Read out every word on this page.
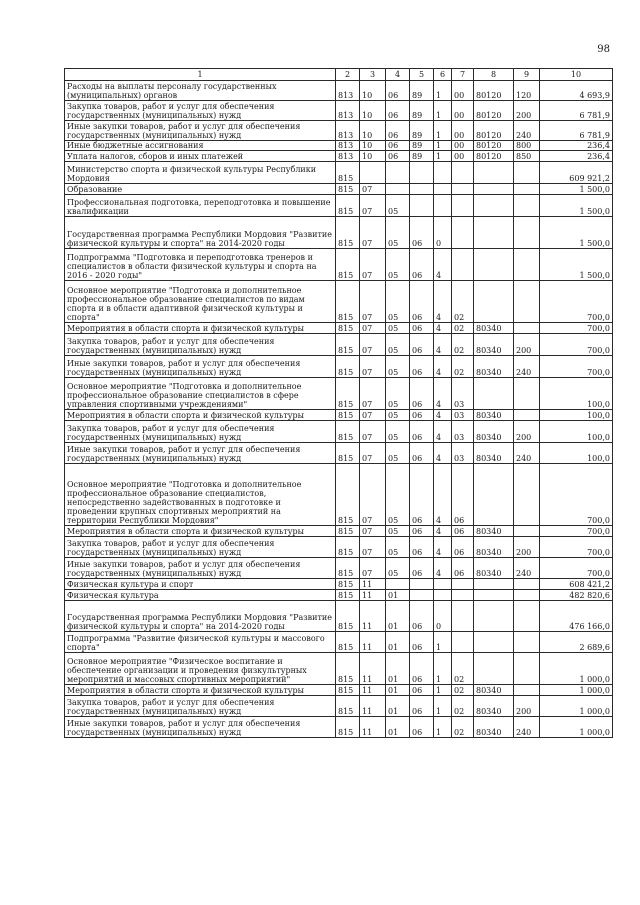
98
1	2	3	4	5	6	7	8	9	10
Расходы на выплаты персоналу государственных (муниципальных) органов	813	10	06	89	1	00	80120	120	4 693,9
Закупка товаров, работ и услуг для обеспечения государственных (муниципальных) нужд	813	10	06	89	1	00	80120	200	6 781,9
Иные закупки товаров, работ и услуг для обеспечения государственных (муниципальных) нужд	813	10	06	89	1	00	80120	240	6 781,9
Иные бюджетные ассигнования	813	10	06	89	1	00	80120	800	236,4
Уплата налогов, сборов и иных платежей	813	10	06	89	1	00	80120	850	236,4
Министерство спорта и физической культуры Республики Мордовия	815								609 921,2
Образование	815	07							1 500,0
Профессиональная подготовка, переподготовка и повышение квалификации	815	07	05						1 500,0
Государственная программа Республики Мордовия "Развитие физической культуры и спорта" на 2014-2020 годы	815	07	05	06	0				1 500,0
Подпрограмма "Подготовка и переподготовка тренеров и специалистов в области физической культуры и спорта на 2016 - 2020 годы"	815	07	05	06	4				1 500,0
Основное мероприятие "Подготовка и дополнительное профессиональное образование специалистов по видам спорта и в области адаптивной физической культуры и спорта"	815	07	05	06	4	02			700,0
Мероприятия в области спорта и физической культуры	815	07	05	06	4	02	80340		700,0
Закупка товаров, работ и услуг для обеспечения государственных (муниципальных) нужд	815	07	05	06	4	02	80340	200	700,0
Иные закупки товаров, работ и услуг для обеспечения государственных (муниципальных) нужд	815	07	05	06	4	02	80340	240	700,0
Основное мероприятие "Подготовка и дополнительное профессиональное образование специалистов в сфере управления спортивными учреждениями"	815	07	05	06	4	03			100,0
Мероприятия в области спорта и физической культуры	815	07	05	06	4	03	80340		100,0
Закупка товаров, работ и услуг для обеспечения государственных (муниципальных) нужд	815	07	05	06	4	03	80340	200	100,0
Иные закупки товаров, работ и услуг для обеспечения государственных (муниципальных) нужд	815	07	05	06	4	03	80340	240	100,0
Основное мероприятие "Подготовка и дополнительное профессиональное образование специалистов, непосредственно задействованных в подготовке и проведении крупных спортивных мероприятий на территории Республики Мордовия"	815	07	05	06	4	06			700,0
Мероприятия в области спорта и физической культуры	815	07	05	06	4	06	80340		700,0
Закупка товаров, работ и услуг для обеспечения государственных (муниципальных) нужд	815	07	05	06	4	06	80340	200	700,0
Иные закупки товаров, работ и услуг для обеспечения государственных (муниципальных) нужд	815	07	05	06	4	06	80340	240	700,0
Физическая культура и спорт	815	11							608 421,2
Физическая культура	815	11	01						482 820,6
Государственная программа Республики Мордовия "Развитие физической культуры и спорта" на 2014-2020 годы	815	11	01	06	0				476 166,0
Подпрограмма "Развитие физической культуры и массового спорта"	815	11	01	06	1				2 689,6
Основное мероприятие "Физическое воспитание и обеспечение организации и проведения физкультурных мероприятий и массовых спортивных мероприятий"	815	11	01	06	1	02			1 000,0
Мероприятия в области спорта и физической культуры	815	11	01	06	1	02	80340		1 000,0
Закупка товаров, работ и услуг для обеспечения государственных (муниципальных) нужд	815	11	01	06	1	02	80340	200	1 000,0
Иные закупки товаров, работ и услуг для обеспечения государственных (муниципальных) нужд	815	11	01	06	1	02	80340	240	1 000,0
